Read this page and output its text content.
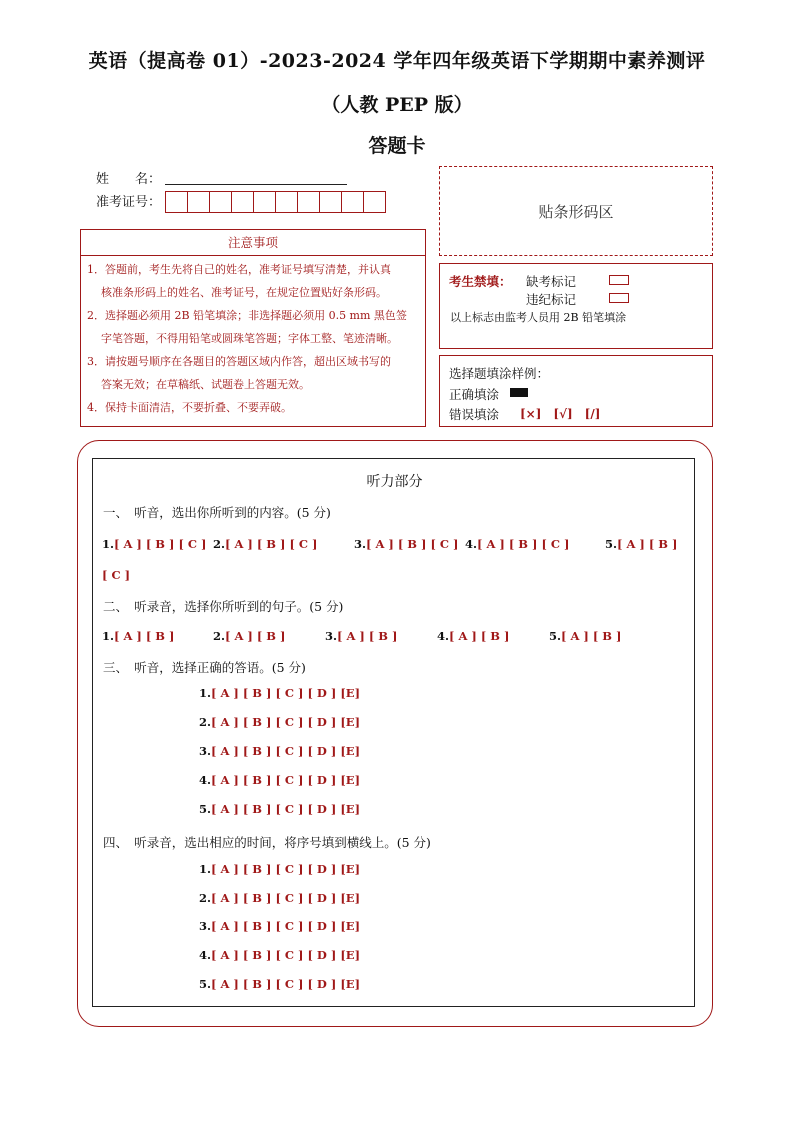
英语（提高卷 01）-2023-2024 学年四年级英语下学期期中素养测评
（人教 PEP 版）
答题卡
姓　　名：
准考证号：
注意事项

1．答题前，考生先将自己的姓名，准考证号填写清楚，并认真

核准条形码上的姓名、准考证号，在规定位置贴好条形码。

2．选择题必须用 2B 铅笔填涂；非选择题必须用 0.5 mm 黑色签

字笔答题，不得用铅笔或圆珠笔答题；字体工整、笔迹清晰。

3．请按题号顺序在各题目的答题区域内作答，超出区域书写的

答案无效；在草稿纸、试题卷上答题无效。

4．保持卡面清洁，不要折叠、不要弄破。

贴条形码区
考生禁填： 缺考标记
违纪标记
以上标志由监考人员用 2B 铅笔填涂
选择题填涂样例：
正确填涂
错误填涂 [×]　[√]　[/]
听力部分
一、　听音，选出你所听到的内容。(5 分)
1.[ A ] [ B ] [ C ] 2.[ A ] [ B ] [ C ]	3.[ A ] [ B ] [ C ] 4.[ A ] [ B ] [ C ]	5.[ A ] [ B ]
[ C ]
二、　听录音，选择你所听到的句子。(5 分)
1.[ A ] [ B ]	2.[ A ] [ B ]	3.[ A ] [ B ]	4.[ A ] [ B ]	5.[ A ] [ B ]
三、　听音，选择正确的答语。(5 分)
1.[ A ] [ B ] [ C ] [ D ] [E]
2.[ A ] [ B ] [ C ] [ D ] [E]
3.[ A ] [ B ] [ C ] [ D ] [E]
4.[ A ] [ B ] [ C ] [ D ] [E]
5.[ A ] [ B ] [ C ] [ D ] [E]
四、　听录音，选出相应的时间，将序号填到横线上。(5 分)
1.[ A ] [ B ] [ C ] [ D ] [E]
2.[ A ] [ B ] [ C ] [ D ] [E]
3.[ A ] [ B ] [ C ] [ D ] [E]
4.[ A ] [ B ] [ C ] [ D ] [E]
5.[ A ] [ B ] [ C ] [ D ] [E]
